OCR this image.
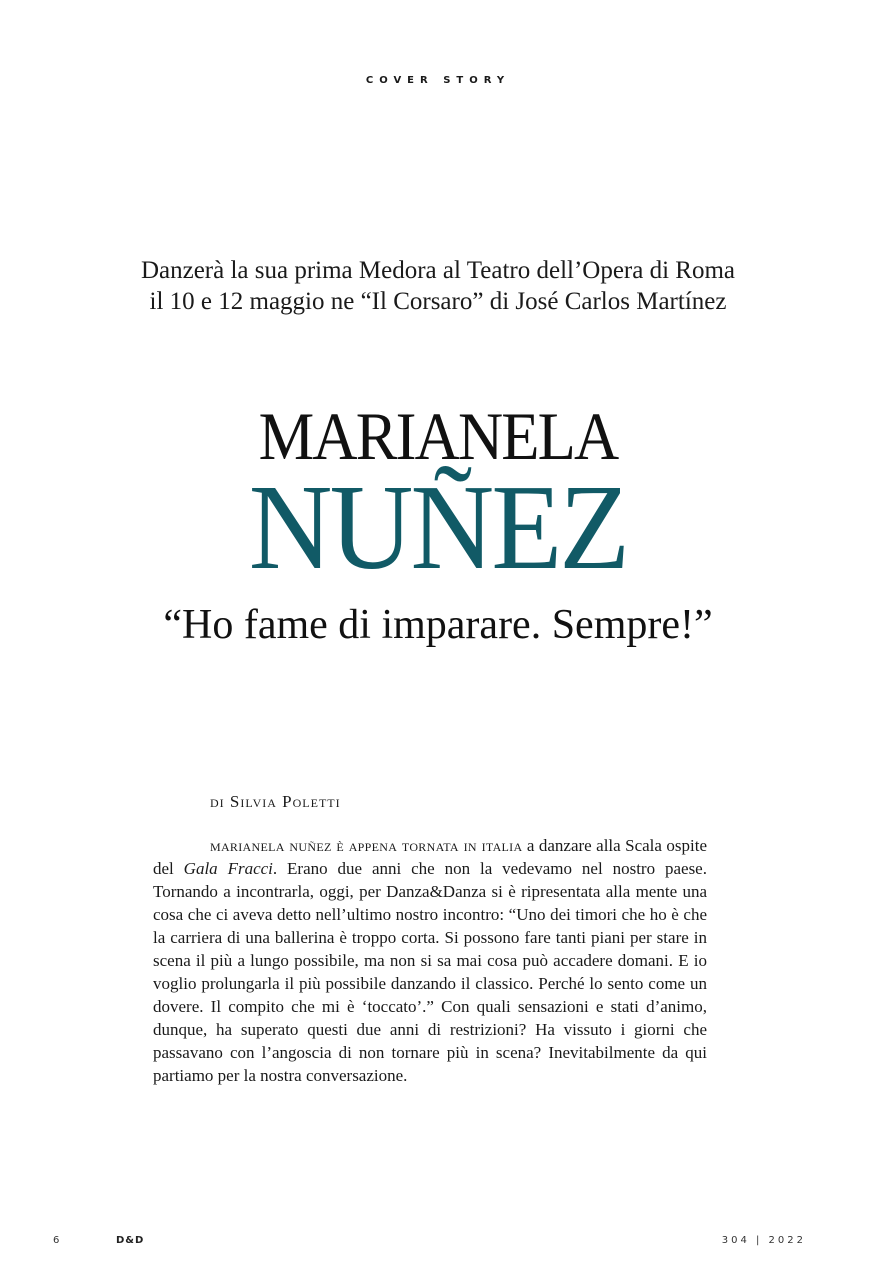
COVER STORY
Danzerà la sua prima Medora al Teatro dell’Opera di Roma
il 10 e 12 maggio ne “Il Corsaro” di José Carlos Martínez
MARIANELA
NUÑEZ
“Ho fame di imparare. Sempre!”
di Silvia Poletti

marianela nuñez è appena tornata in italia a danzare alla Scala ospite del Gala Fracci. Erano due anni che non la vedevamo nel nostro paese. Tornando a incontrarla, oggi, per Danza&Danza si è ripresentata alla mente una cosa che ci aveva detto nell’ultimo nostro incontro: “Uno dei timori che ho è che la carriera di una ballerina è troppo corta. Si possono fare tanti piani per stare in scena il più a lungo possibile, ma non si sa mai cosa può accadere domani. E io voglio prolungarla il più possibile danzando il classico. Perché lo sento come un dovere. Il compito che mi è ‘toccato’.” Con quali sensazioni e stati d’animo, dunque, ha superato questi due anni di restrizioni? Ha vissuto i giorni che passavano con l’angoscia di non tornare più in scena? Inevitabilmente da qui partiamo per la nostra conversazione.

6	D&D	304 | 2022
